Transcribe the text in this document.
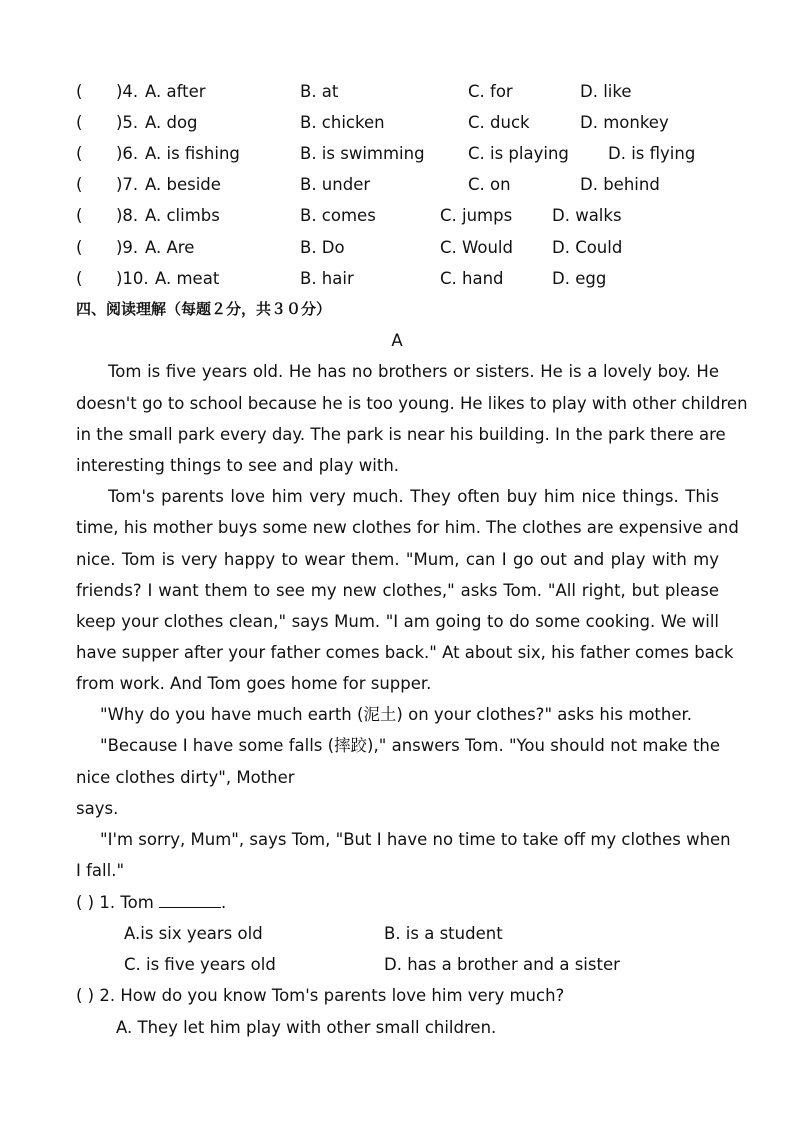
( )4. A. after	B. at	C. for	D. like
( )5. A. dog	B. chicken	C. duck	D. monkey
( )6. A. is fishing	B. is swimming	C. is playing D. is flying
( )7. A. beside	B. under	C. on	D. behind
( )8. A. climbs	B. comes	C. jumps D. walks
( )9. A. Are	B. Do	C. Would D. Could
( )10. A. meat	B. hair	C. hand	D. egg
四、阅读理解（每题２分，共３０分）
A
Tom is five years old. He has no brothers or sisters. He is a lovely boy. He
doesn't go to school because he is too young. He likes to play with other children
in the small park every day. The park is near his building. In the park there are
interesting things to see and play with.
Tom's parents love him very much. They often buy him nice things. This
time, his mother buys some new clothes for him. The clothes are expensive and
nice. Tom is very happy to wear them. "Mum, can I go out and play with my
friends? I want them to see my new clothes," asks Tom. "All right, but please
keep your clothes clean," says Mum. "I am going to do some cooking. We will
have supper after your father comes back." At about six, his father comes back
from work. And Tom goes home for supper.
"Why do you have much earth (泥土) on your clothes?" asks his mother.
"Because I have some falls (摔跤)," answers Tom. "You should not make the
nice clothes dirty", Mother
says.
"I'm sorry, Mum", says Tom, "But I have no time to take off my clothes when
I fall."
( ) 1. Tom	.
A.is six years old	B. is a student
C. is five years old	D. has a brother and a sister
( ) 2. How do you know Tom's parents love him very much?
A. They let him play with other small children.
